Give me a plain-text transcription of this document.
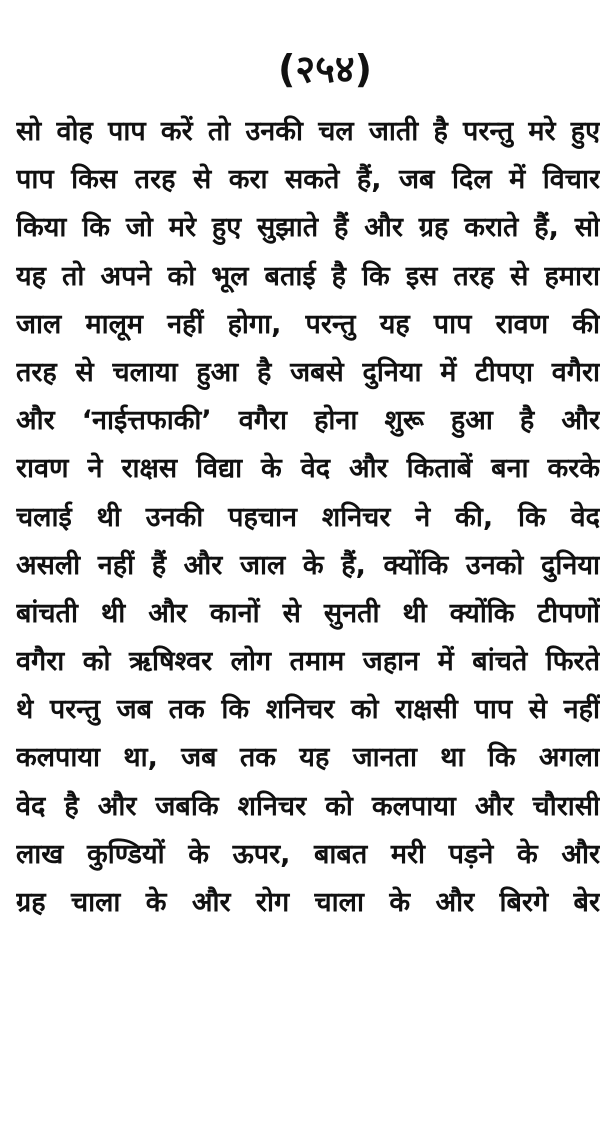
(२५४)
सो वोह पाप करें तो उनकी चल जाती है परन्तु मरे हुए
पाप किस तरह से करा सकते हैं, जब दिल में विचार
किया कि जो मरे हुए सुझाते हैं और ग्रह कराते हैं, सो
यह तो अपने को भूल बताई है कि इस तरह से हमारा
जाल मालूम नहीं होगा, परन्तु यह पाप रावण की
तरह से चलाया हुआ है जबसे दुनिया में टीपएा वगैरा
और ‘नाईत्तफाकी’ वगैरा होना शुरू हुआ है और
रावण ने राक्षस विद्या के वेद और किताबें बना करके
चलाई थी उनकी पहचान शनिचर ने की, कि वेद
असली नहीं हैं और जाल के हैं, क्योंकि उनको दुनिया
बांचती थी और कानों से सुनती थी क्योंकि टीपणों
वगैरा को ऋषिश्वर लोग तमाम जहान में बांचते फिरते
थे परन्तु जब तक कि शनिचर को राक्षसी पाप से नहीं
कलपाया था, जब तक यह जानता था कि अगला
वेद है और जबकि शनिचर को कलपाया और चौरासी
लाख कुण्डियों के ऊपर, बाबत मरी पड़ने के और
ग्रह चाला के और रोग चाला के और बिरगे बेर
